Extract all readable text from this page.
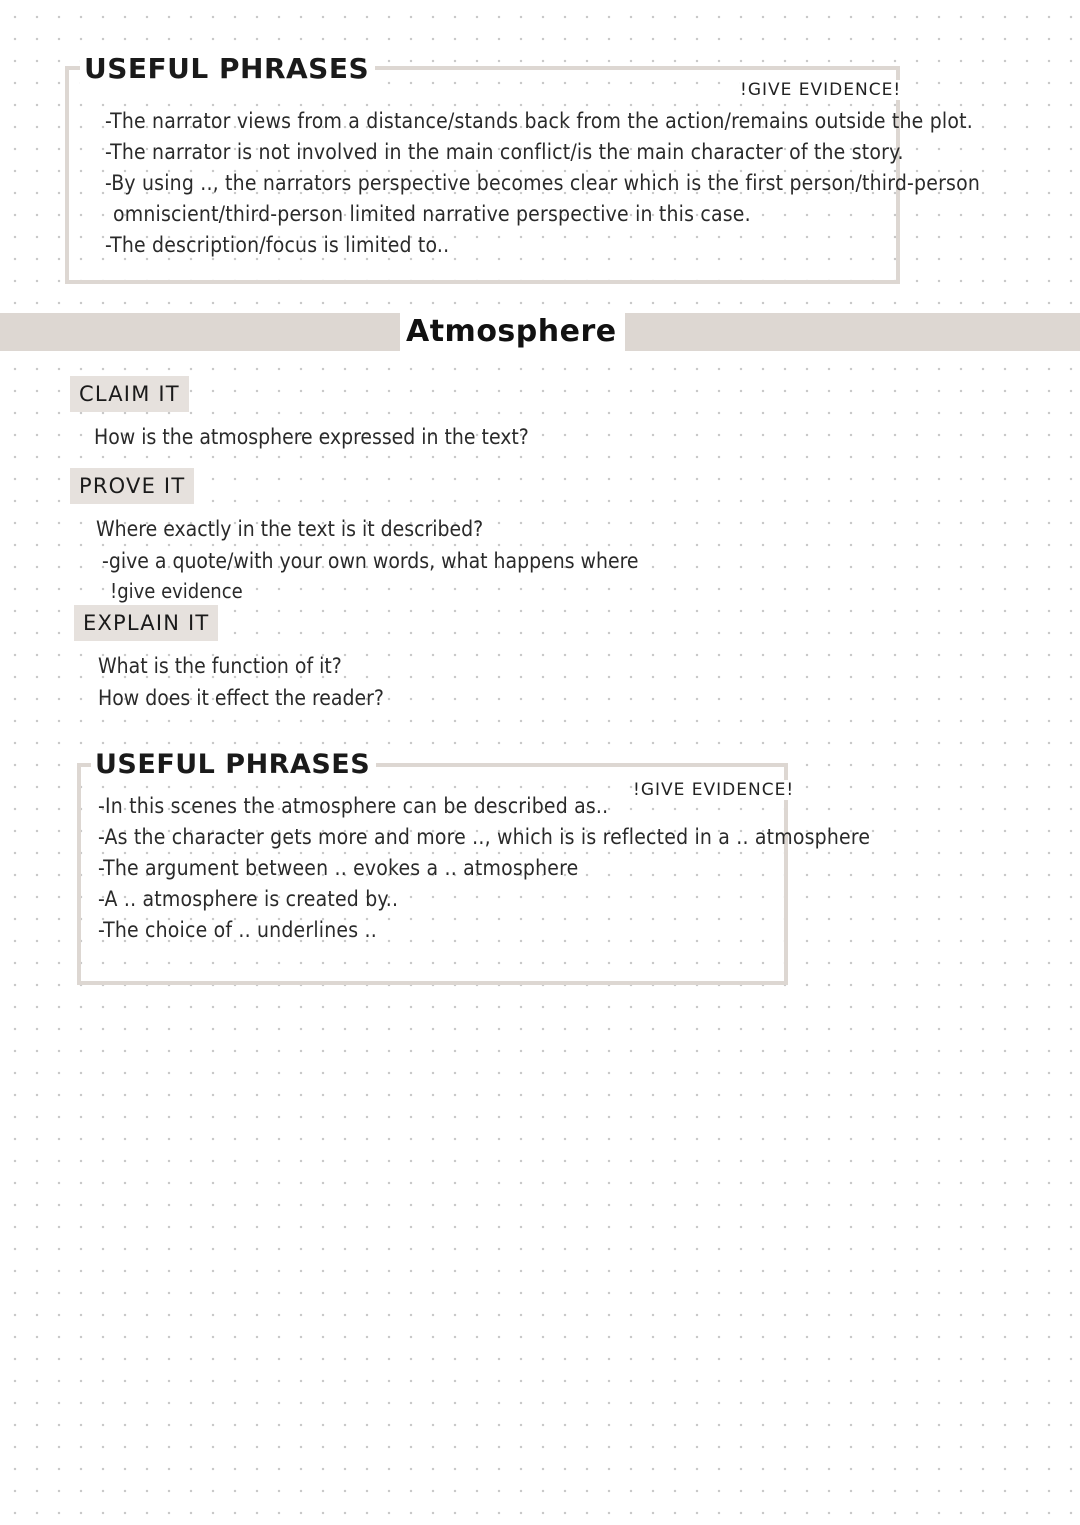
USEFUL PHRASES
!GIVE EVIDENCE!
-The narrator views from a distance/stands back from the action/remains outside the plot.
-The narrator is not involved in the main conflict/is the main character of the story.
-By using .., the narrators perspective becomes clear which is the first person/third-person
omniscient/third-person limited narrative perspective in this case.
-The description/focus is limited to..
Atmosphere
CLAIM IT
How is the atmosphere expressed in the text?
PROVE IT
Where exactly in the text is it described?
-give a quote/with your own words, what happens where
!give evidence
EXPLAIN IT
What is the function of it?
How does it effect the reader?
USEFUL PHRASES
!GIVE EVIDENCE!
-In this scenes the atmosphere can be described as..
-As the character gets more and more .., which is is reflected in a .. atmosphere
-The argument between .. evokes a .. atmosphere
-A .. atmosphere is created by..
-The choice of .. underlines ..
